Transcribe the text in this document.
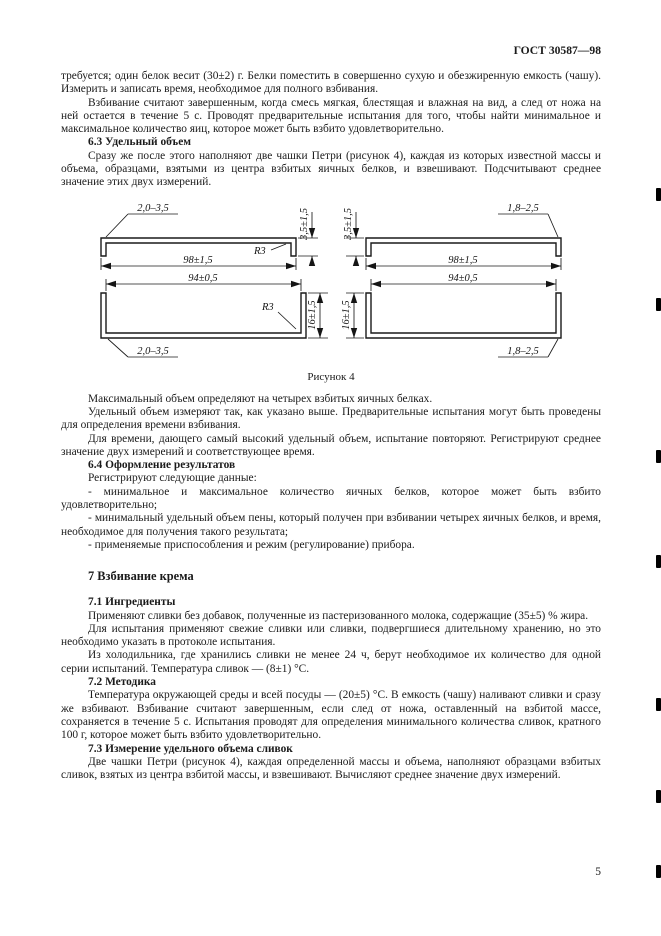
ГОСТ 30587—98

требуется; один белок весит (30±2) г. Белки поместить в совершенно сухую и обезжиренную емкость (чашу). Измерить и записать время, необходимое для полного взбивания.

Взбивание считают завершенным, когда смесь мягкая, блестящая и влажная на вид, а след от ножа на ней остается в течение 5 с. Проводят предварительные испытания для того, чтобы найти минимальное и максимальное количество яиц, которое может быть взбито удовлетворительно.

6.3 Удельный объем

Сразу же после этого наполняют две чашки Петри (рисунок 4), каждая из которых известной массы и объема, образцами, взятыми из центра взбитых яичных белков, и взвешивают. Подсчитывают среднее значение этих двух измерений.

2,0–3,5	1,8–2,5
3,5±1,5	3,5±1,5
98±1,5	98±1,5
R3
94±0,5	94±0,5
16±1,5 16±1,5
R3
2,0–3,5	1,8–2,5
Рисунок 4

Максимальный объем определяют на четырех взбитых яичных белках.

Удельный объем измеряют так, как указано выше. Предварительные испытания могут быть проведены для определения времени взбивания.

Для времени, дающего самый высокий удельный объем, испытание повторяют. Регистрируют среднее значение двух измерений и соответствующее время.

6.4 Оформление результатов

Регистрируют следующие данные:

- минимальное и максимальное количество яичных белков, которое может быть взбито удовлетворительно;

- минимальный удельный объем пены, который получен при взбивании четырех яичных белков, и время, необходимое для получения такого результата;

- применяемые приспособления и режим (регулирование) прибора.

7 Взбивание крема

7.1 Ингредиенты

Применяют сливки без добавок, полученные из пастеризованного молока, содержащие (35±5) % жира.

Для испытания применяют свежие сливки или сливки, подвергшиеся длительному хранению, но это необходимо указать в протоколе испытания.

Из холодильника, где хранились сливки не менее 24 ч, берут необходимое их количество для одной серии испытаний. Температура сливок — (8±1) °С.

7.2 Методика

Температура окружающей среды и всей посуды — (20±5) °С. В емкость (чашу) наливают сливки и сразу же взбивают. Взбивание считают завершенным, если след от ножа, оставленный на взбитой массе, сохраняется в течение 5 с. Испытания проводят для определения минимального количества сливок, кратного 100 г, которое может быть взбито удовлетворительно.

7.3 Измерение удельного объема сливок

Две чашки Петри (рисунок 4), каждая определенной массы и объема, наполняют образцами взбитых сливок, взятых из центра взбитой массы, и взвешивают. Вычисляют среднее значение двух измерений.

5
